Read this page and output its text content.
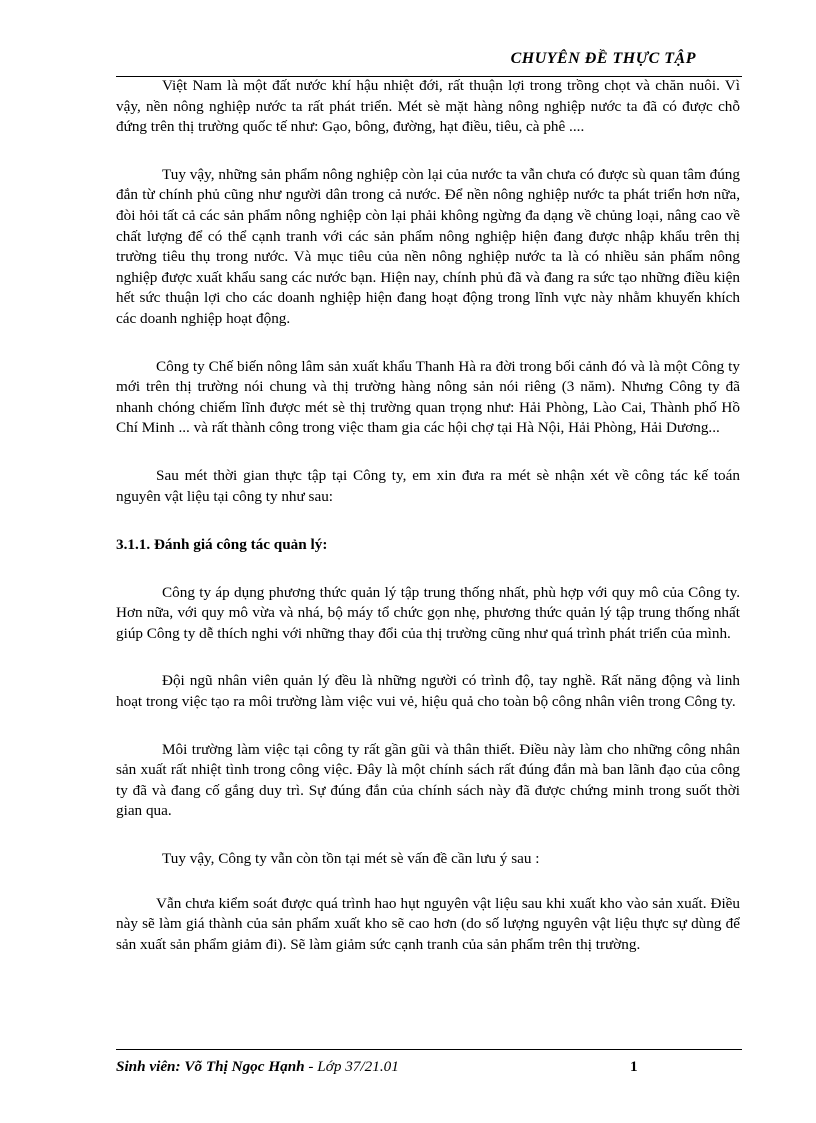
CHUYÊN ĐỀ THỰC TẬP

Việt Nam là một đất nước khí hậu nhiệt đới, rất thuận lợi trong trồng chọt và chăn nuôi. Vì vậy, nền nông nghiệp nước ta rất phát triển. Mét sè mặt hàng nông nghiệp nước ta đã có được chỗ đứng trên thị trường quốc tế như: Gạo, bông, đường, hạt điều, tiêu, cà phê ....

Tuy vậy, những sản phẩm nông nghiệp còn lại của nước ta vẫn chưa có được sù quan tâm đúng đắn từ chính phủ cũng như người dân trong cả nước. Để nền nông nghiệp nước ta phát triển hơn nữa, đòi hỏi tất cả các sản phẩm nông nghiệp còn lại phải không ngừng đa dạng về chủng loại, nâng cao về chất lượng để có thể cạnh tranh với các sản phẩm nông nghiệp hiện đang được nhập khẩu trên thị trường tiêu thụ trong nước. Và mục tiêu của nền nông nghiệp nước ta là có nhiều sản phẩm nông nghiệp được xuất khẩu sang các nước bạn. Hiện nay, chính phủ đã và đang ra sức tạo những điều kiện hết sức thuận lợi cho các doanh nghiệp hiện đang hoạt động trong lĩnh vực này nhằm khuyến khích các doanh nghiệp hoạt động.

Công ty Chế biến nông lâm sản xuất khẩu Thanh Hà ra đời trong bối cảnh đó và là một Công ty mới trên thị trường nói chung và thị trường hàng nông sản nói riêng (3 năm). Nhưng Công ty đã nhanh chóng chiếm lĩnh được mét sè thị trường quan trọng như: Hải Phòng, Lào Cai, Thành phố Hồ Chí Minh ... và rất thành công trong việc tham gia các hội chợ tại Hà Nội, Hải Phòng, Hải Dương...

Sau mét thời gian thực tập tại Công ty, em xin đưa ra mét sè nhận xét về công tác kế toán nguyên vật liệu tại công ty như sau:

3.1.1. Đánh giá công tác quản lý:

Công ty áp dụng phương thức quản lý tập trung thống nhất, phù hợp với quy mô của Công ty. Hơn nữa, với quy mô vừa và nhá, bộ máy tổ chức gọn nhẹ, phương thức quản lý tập trung thống nhất giúp Công ty dễ thích nghi với những thay đổi của thị trường cũng như quá trình phát triển của mình.

Đội ngũ nhân viên quản lý đều là những người có trình độ, tay nghề. Rất năng động và linh hoạt trong việc tạo ra môi trường làm việc vui vẻ, hiệu quả cho toàn bộ công nhân viên trong Công ty.

Môi trường làm việc tại công ty rất gần gũi và thân thiết. Điều này làm cho những công nhân sản xuất rất nhiệt tình trong công việc. Đây là một chính sách rất đúng đắn mà ban lãnh đạo của công ty đã và đang cố gắng duy trì. Sự đúng đắn của chính sách này đã được chứng minh trong suốt thời gian qua.

Tuy vậy, Công ty vẫn còn tồn tại mét sè vấn đề cần lưu ý sau :

Vẫn chưa kiểm soát được quá trình hao hụt nguyên vật liệu sau khi xuất kho vào sản xuất. Điều này sẽ làm giá thành của sản phẩm xuất kho sẽ cao hơn (do số lượng nguyên vật liệu thực sự dùng để sản xuất sản phẩm giảm đi). Sẽ làm giảm sức cạnh tranh của sản phẩm trên thị trường.

Sinh viên: Võ Thị Ngọc Hạnh - Lớp 37/21.01	1
